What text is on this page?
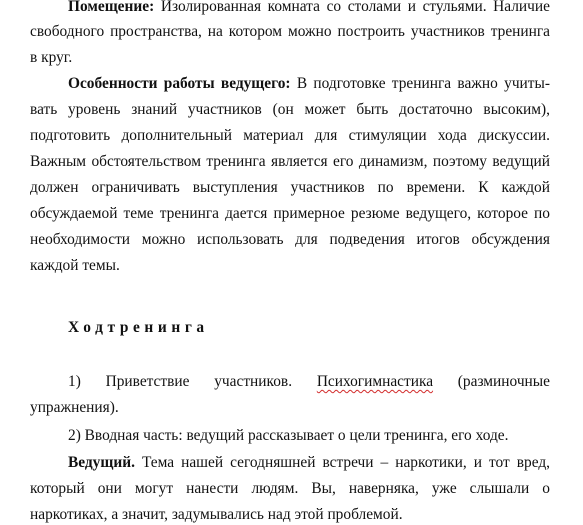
Помещение: Изолированная комната со столами и стульями. Наличие
свободного пространства, на котором можно построить участников тренинга
в круг.
Особенности работы ведущего: В подготовке тренинга важно учиты-
вать уровень знаний участников (он может быть достаточно высоким),
подготовить дополнительный материал для стимуляции хода дискуссии.
Важным обстоятельством тренинга является его динамизм, поэтому ведущий
должен ограничивать выступления участников по времени. К каждой
обсуждаемой теме тренинга дается примерное резюме ведущего, которое по
необходимости можно использовать для подведения итогов обсуждения
каждой темы.
Ходтренинга
1) Приветствие участников. Психогимнастика (разминочные
упражнения).
2) Вводная часть: ведущий рассказывает о цели тренинга, его ходе.
Ведущий. Тема нашей сегодняшней встречи – наркотики, и тот вред,
который они могут нанести людям. Вы, наверняка, уже слышали о
наркотиках, а значит, задумывались над этой проблемой.
